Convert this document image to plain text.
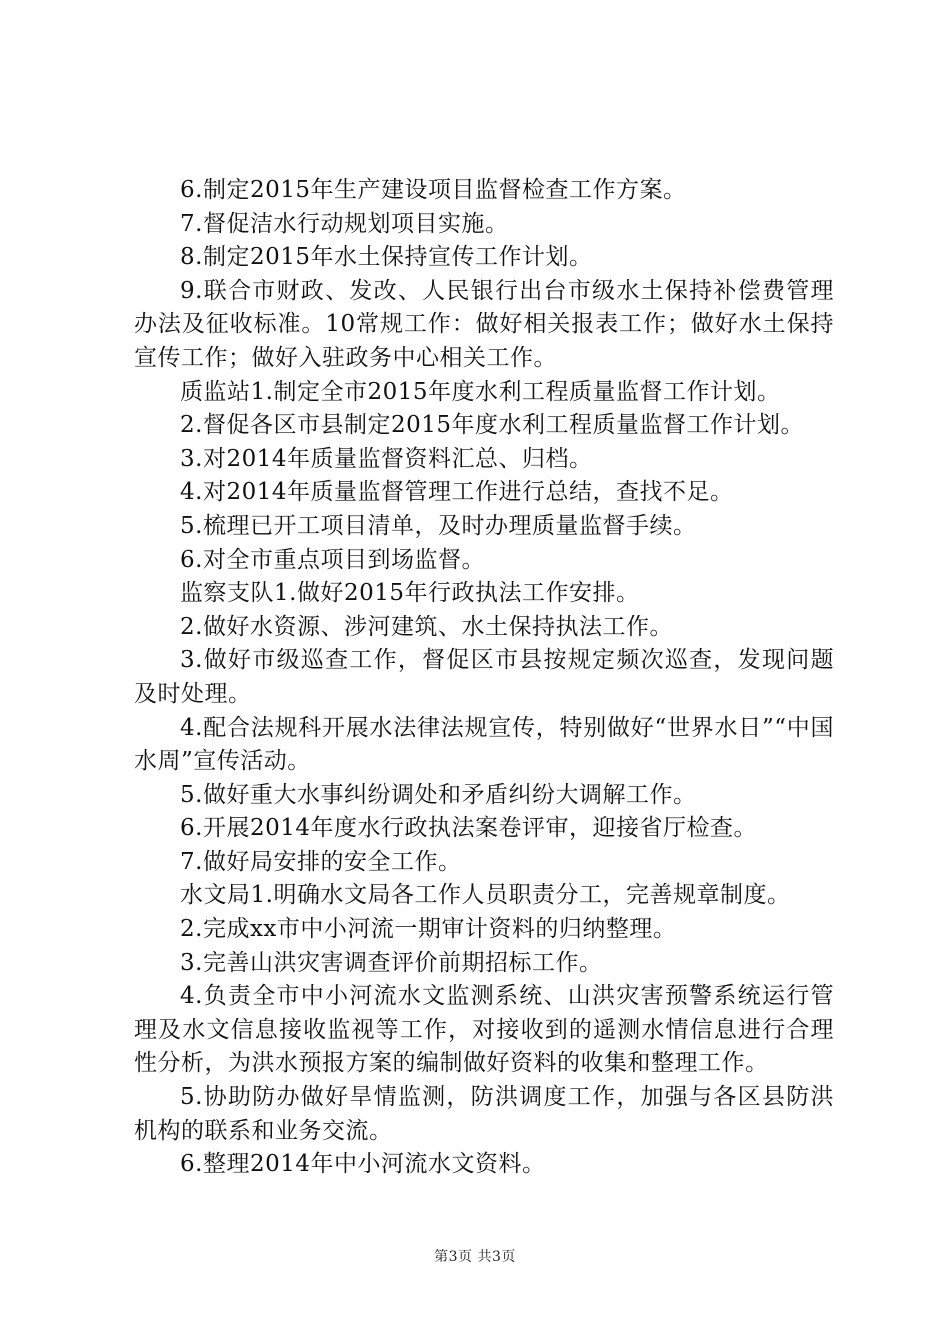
6.制定2015年生产建设项目监督检查工作方案。

7.督促洁水行动规划项目实施。

8.制定2015年水土保持宣传工作计划。

9.联合市财政、发改、人民银行出台市级水土保持补偿费管理办法及征收标准。10常规工作：做好相关报表工作；做好水土保持宣传工作；做好入驻政务中心相关工作。

质监站1.制定全市2015年度水利工程质量监督工作计划。

2.督促各区市县制定2015年度水利工程质量监督工作计划。

3.对2014年质量监督资料汇总、归档。

4.对2014年质量监督管理工作进行总结，查找不足。

5.梳理已开工项目清单，及时办理质量监督手续。

6.对全市重点项目到场监督。

监察支队1.做好2015年行政执法工作安排。

2.做好水资源、涉河建筑、水土保持执法工作。

3.做好市级巡查工作，督促区市县按规定频次巡查，发现问题及时处理。

4.配合法规科开展水法律法规宣传，特别做好“世界水日”“中国水周”宣传活动。

5.做好重大水事纠纷调处和矛盾纠纷大调解工作。

6.开展2014年度水行政执法案卷评审，迎接省厅检查。

7.做好局安排的安全工作。

水文局1.明确水文局各工作人员职责分工，完善规章制度。

2.完成xx市中小河流一期审计资料的归纳整理。

3.完善山洪灾害调查评价前期招标工作。

4.负责全市中小河流水文监测系统、山洪灾害预警系统运行管理及水文信息接收监视等工作，对接收到的遥测水情信息进行合理性分析，为洪水预报方案的编制做好资料的收集和整理工作。

5.协助防办做好旱情监测，防洪调度工作，加强与各区县防洪机构的联系和业务交流。

6.整理2014年中小河流水文资料。

第3页 共3页
